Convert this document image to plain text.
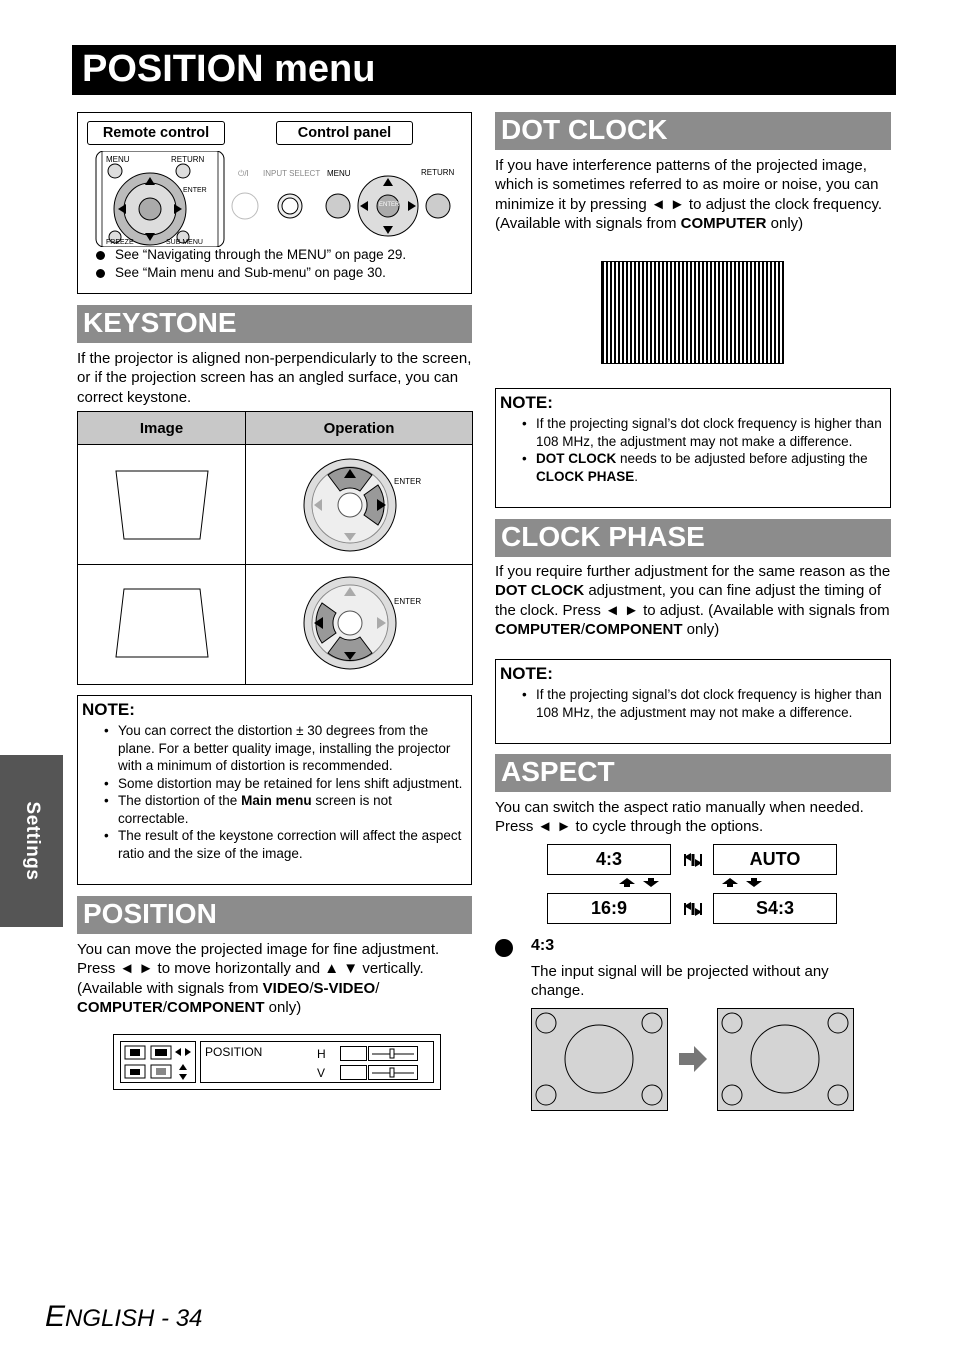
POSITION menu
Settings
Remote control	Control panel
MENU	RETURN
ENTER
FREEZE	SUB MENU
⏻/I INPUT SELECT MENU	RETURN
ENTER
See “Navigating through the MENU” on page 29.
See “Main menu and Sub-menu” on page 30.
KEYSTONE
If the projector is aligned non-perpendicularly to the screen, or if the projection screen has an angled surface, you can correct keystone.
Image	Operation

ENTER

ENTER
NOTE:
• You can correct the distortion ± 30 degrees from the plane. For a better quality image, installing the projector with a minimum of distortion is recommended.
• Some distortion may be retained for lens shift adjustment.
• The distortion of the Main menu screen is not correctable.
• The result of the keystone correction will affect the aspect ratio and the size of the image.
POSITION
You can move the projected image for fine adjustment. Press ◄ ► to move horizontally and ▲ ▼ vertically. (Available with signals from VIDEO/S-VIDEO/ COMPUTER/COMPONENT only)
POSITION	H
V
DOT CLOCK
If you have interference patterns of the projected image, which is sometimes referred to as moire or noise, you can minimize it by pressing ◄ ► to adjust the clock frequency. (Available with signals from COMPUTER only)
NOTE:
• If the projecting signal’s dot clock frequency is higher than 108 MHz, the adjustment may not make a difference.
• DOT CLOCK needs to be adjusted before adjusting the CLOCK PHASE.
CLOCK PHASE
If you require further adjustment for the same reason as the DOT CLOCK adjustment, you can fine adjust the timing of the clock. Press ◄ ► to adjust. (Available with signals from COMPUTER/COMPONENT only)
NOTE:
• If the projecting signal’s dot clock frequency is higher than 108 MHz, the adjustment may not make a difference.
ASPECT
You can switch the aspect ratio manually when needed. Press ◄ ► to cycle through the options.
4:3	AUTO
16:9	S4:3
4:3
The input signal will be projected without any change.
ENGLISH - 34
